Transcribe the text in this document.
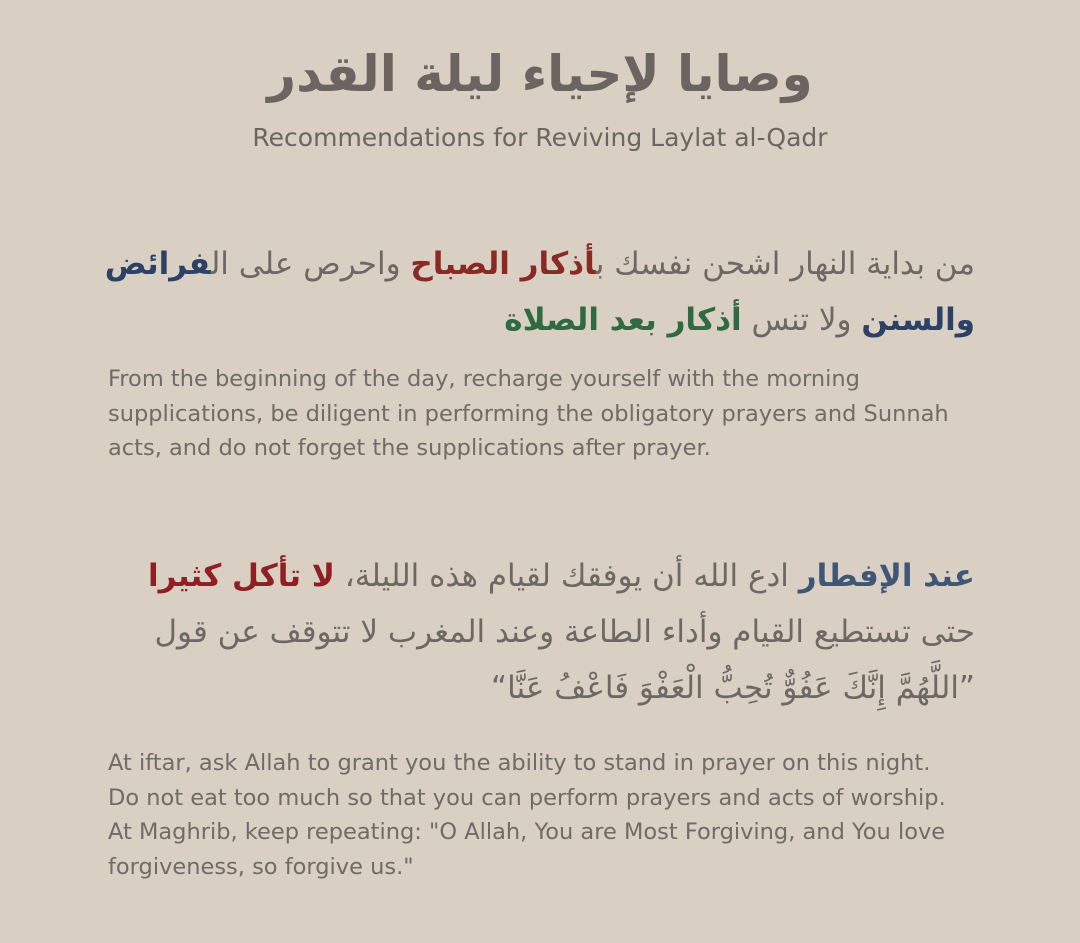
وصايا لإحياء ليلة القدر
Recommendations for Reviving Laylat al-Qadr
من بداية النهار اشحن نفسك بأذكار الصباح واحرص على الفرائض والسنن ولا تنس أذكار بعد الصلاة
From the beginning of the day, recharge yourself with the morning supplications, be diligent in performing the obligatory prayers and Sunnah acts, and do not forget the supplications after prayer.
عند الإفطار ادع الله أن يوفقك لقيام هذه الليلة، لا تأكل كثيرا حتى تستطيع القيام وأداء الطاعة وعند المغرب لا تتوقف عن قول ”اللَّهُمَّ إِنَّكَ عَفُوٌّ تُحِبُّ الْعَفْوَ فَاعْفُ عَنَّا“
At iftar, ask Allah to grant you the ability to stand in prayer on this night. Do not eat too much so that you can perform prayers and acts of worship. At Maghrib, keep repeating: "O Allah, You are Most Forgiving, and You love forgiveness, so forgive us."
